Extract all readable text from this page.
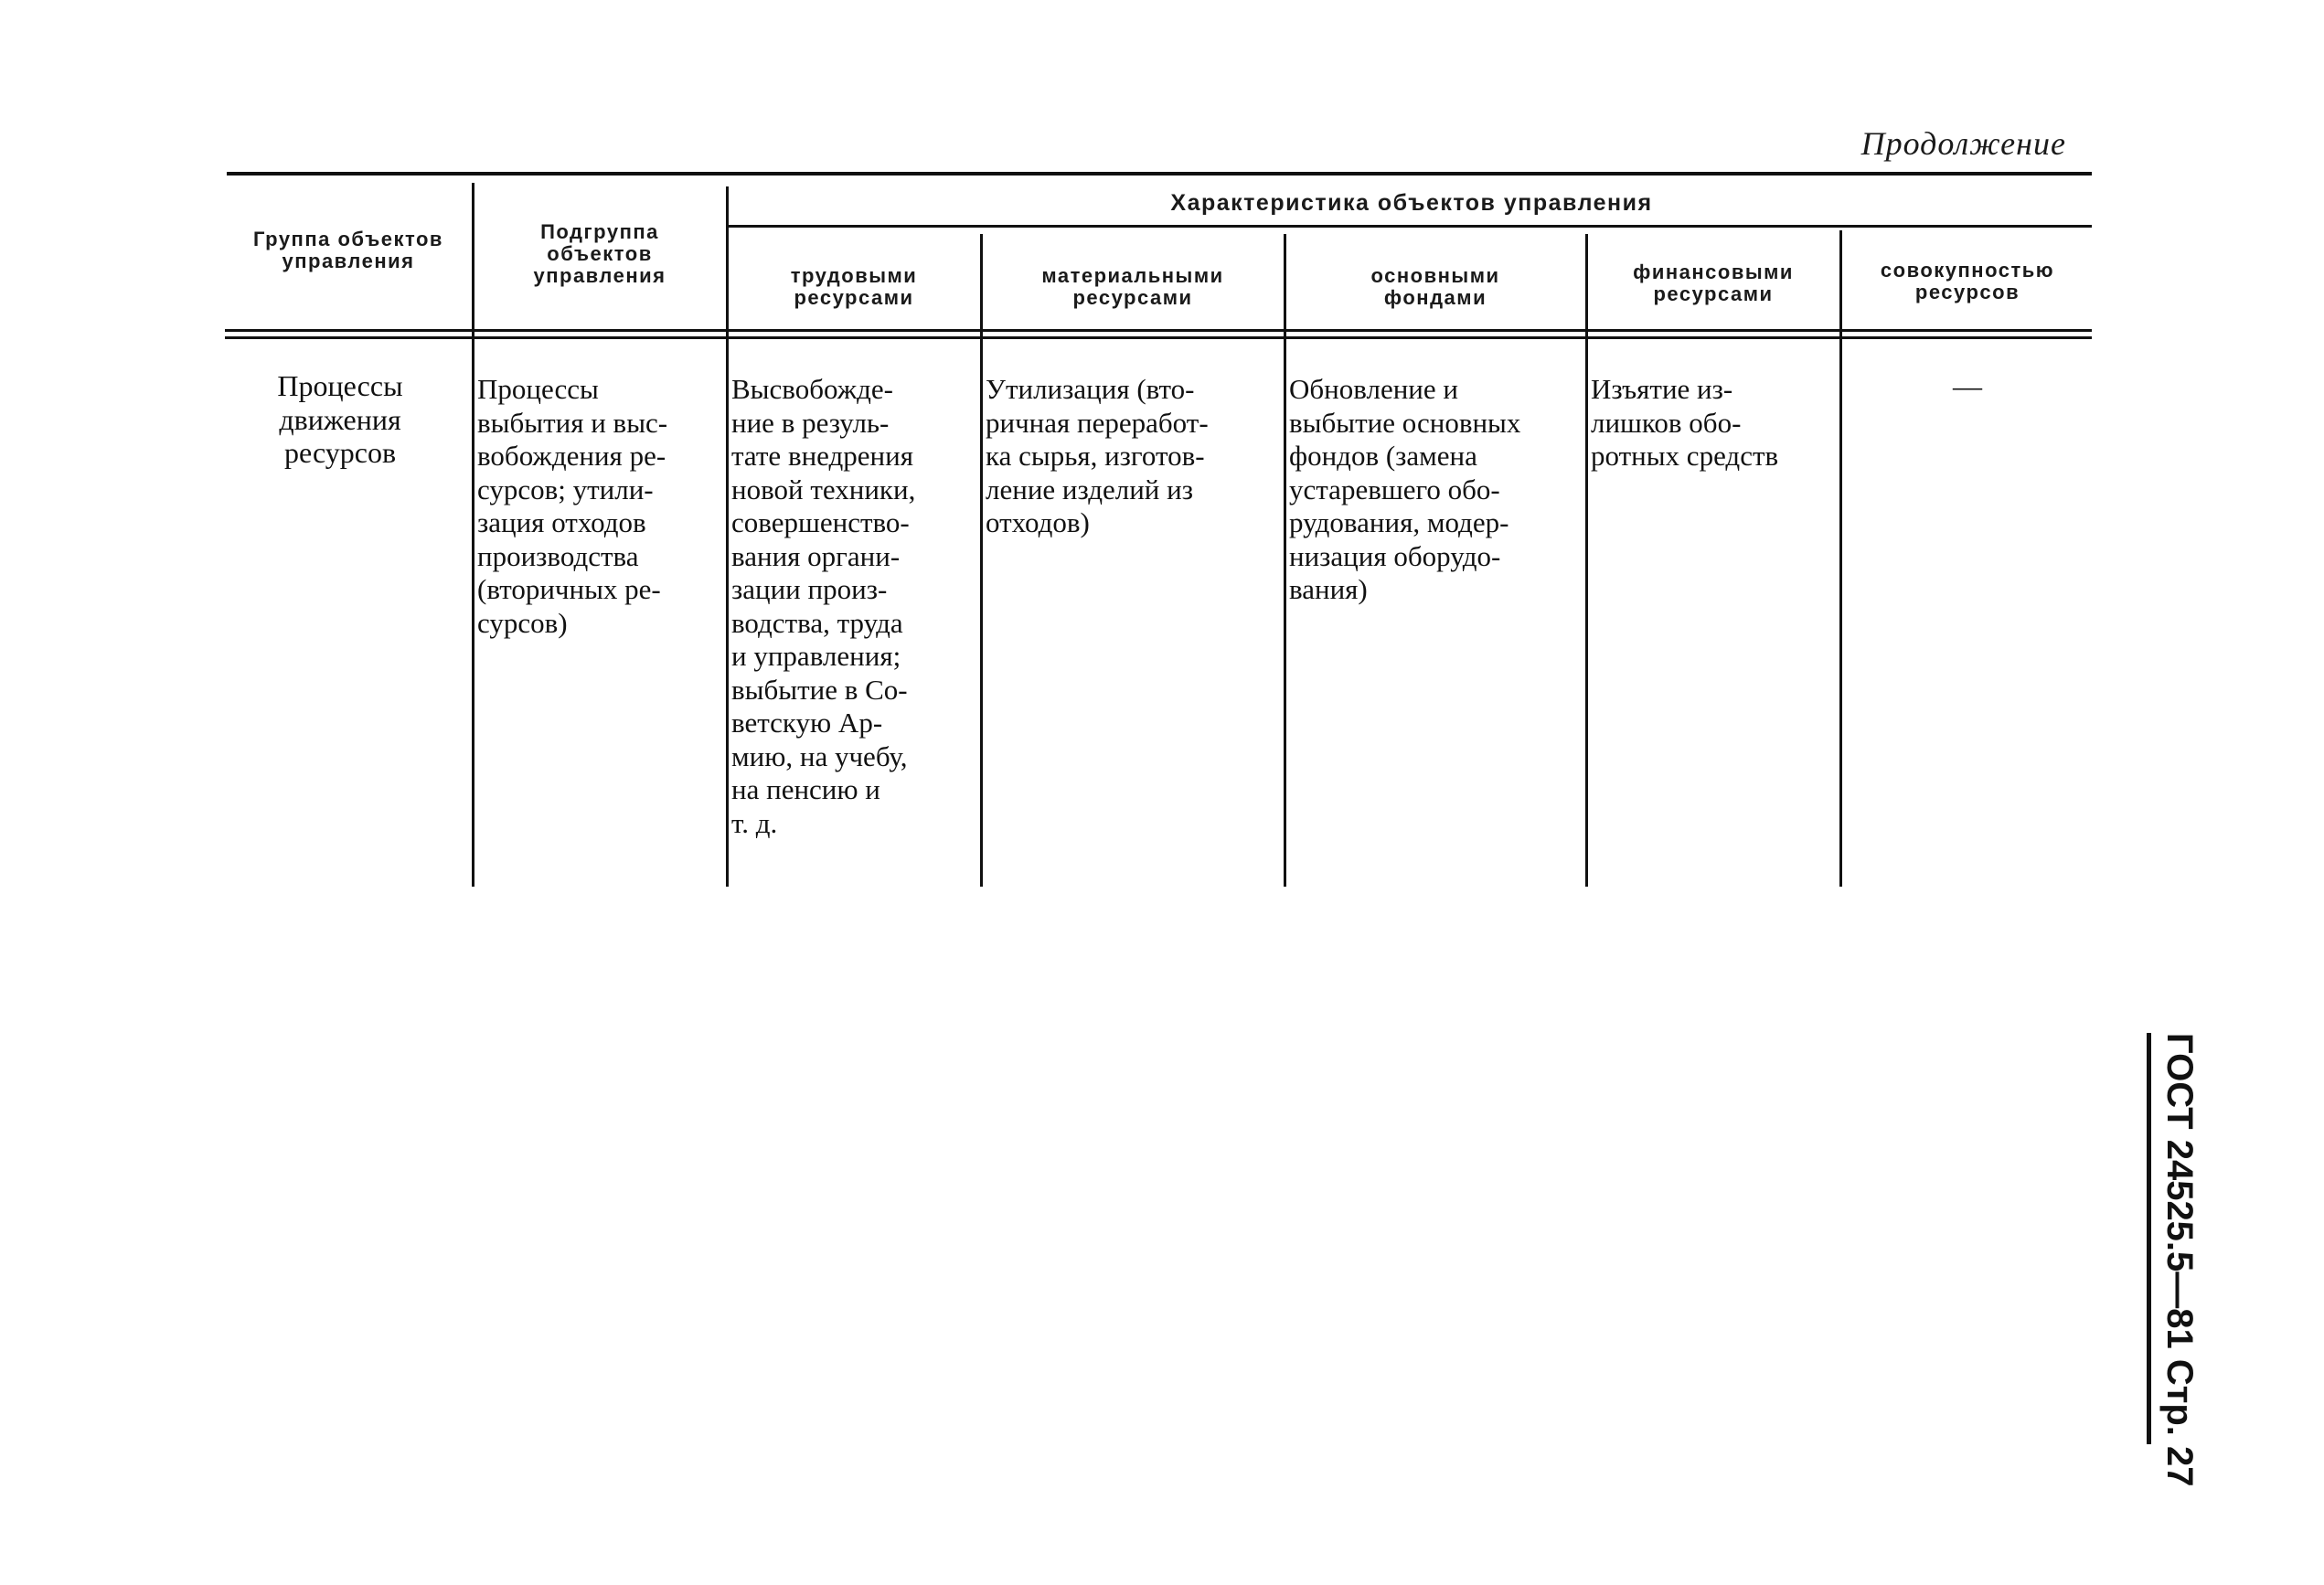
Продолжение
Группа объектов
управления
Подгруппа
объектов
управления
Характеристика объектов управления
трудовыми
ресурсами
материальными
ресурсами
основными
фондами
финансовыми
ресурсами
совокупностью
ресурсов
Процессы
движения
ресурсов
Процессы
выбытия и выс-
вобождения ре-
сурсов; утили-
зация отходов
производства
(вторичных ре-
сурсов)
Высвобожде-
ние в резуль-
тате внедрения
новой техники,
совершенство-
вания органи-
зации произ-
водства, труда
и управления;
выбытие в Со-
ветскую Ар-
мию, на учебу,
на пенсию и
т. д.
Утилизация (вто-
ричная переработ-
ка сырья, изготов-
ление изделий из
отходов)
Обновление и
выбытие основных
фондов (замена
устаревшего обо-
рудования, модер-
низация оборудо-
вания)
Изъятие из-
лишков обо-
ротных средств
—
ГОСТ 24525.5—81 Стр. 27
